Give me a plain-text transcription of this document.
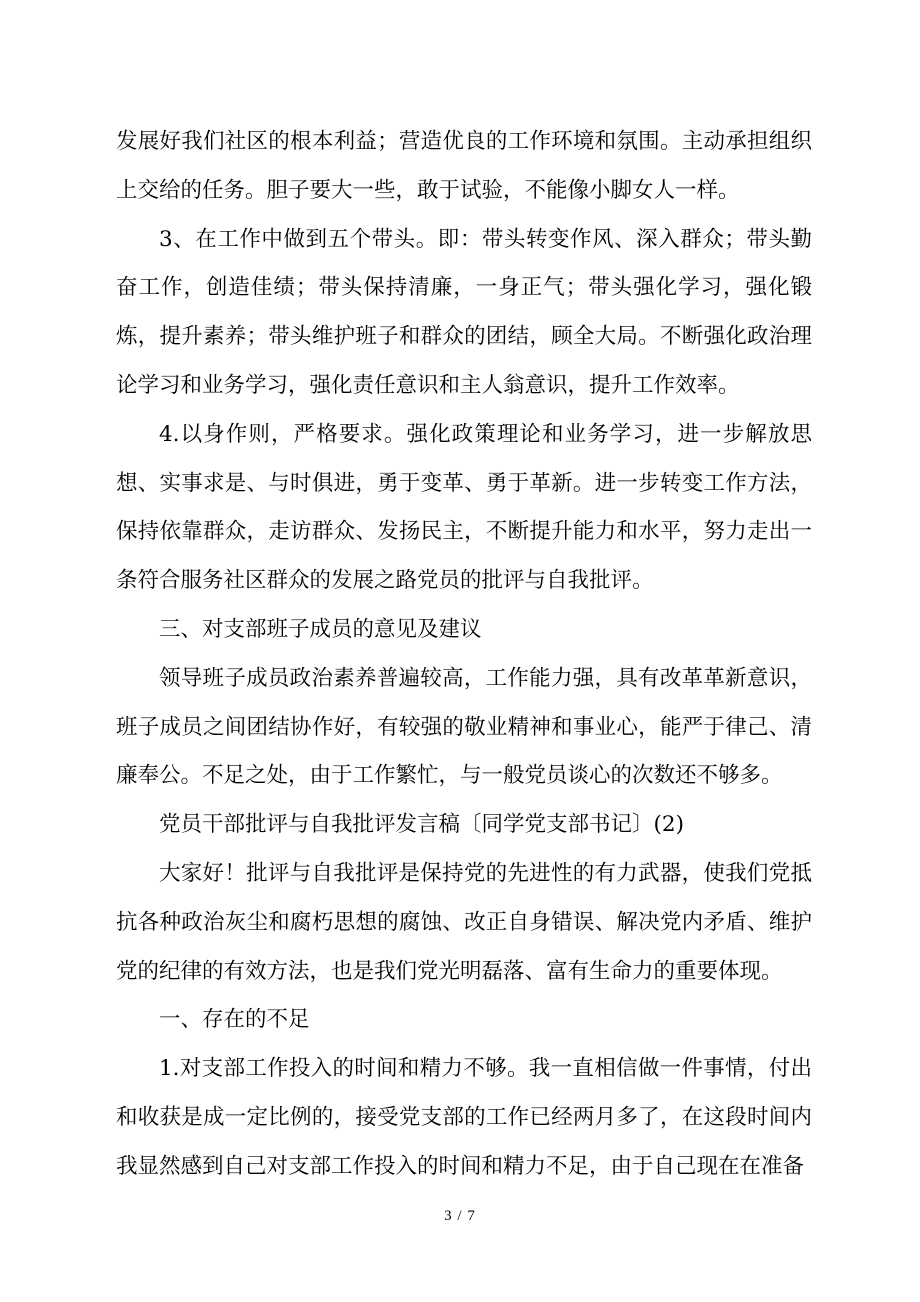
发展好我们社区的根本利益；营造优良的工作环境和氛围。主动承担组织上交给的任务。胆子要大一些，敢于试验，不能像小脚女人一样。

3、在工作中做到五个带头。即：带头转变作风、深入群众；带头勤奋工作，创造佳绩；带头保持清廉，一身正气；带头强化学习，强化锻炼，提升素养；带头维护班子和群众的团结，顾全大局。不断强化政治理论学习和业务学习，强化责任意识和主人翁意识，提升工作效率。

4.以身作则，严格要求。强化政策理论和业务学习，进一步解放思想、实事求是、与时俱进，勇于变革、勇于革新。进一步转变工作方法，保持依靠群众，走访群众、发扬民主，不断提升能力和水平，努力走出一条符合服务社区群众的发展之路党员的批评与自我批评。

三、对支部班子成员的意见及建议

领导班子成员政治素养普遍较高，工作能力强，具有改革革新意识，班子成员之间团结协作好，有较强的敬业精神和事业心，能严于律己、清廉奉公。不足之处，由于工作繁忙，与一般党员谈心的次数还不够多。

党员干部批评与自我批评发言稿〔同学党支部书记〕(2)

大家好！批评与自我批评是保持党的先进性的有力武器，使我们党抵抗各种政治灰尘和腐朽思想的腐蚀、改正自身错误、解决党内矛盾、维护党的纪律的有效方法，也是我们党光明磊落、富有生命力的重要体现。

一、存在的不足

1.对支部工作投入的时间和精力不够。我一直相信做一件事情，付出和收获是成一定比例的，接受党支部的工作已经两月多了，在这段时间内我显然感到自己对支部工作投入的时间和精力不足，由于自己现在在准备

3 / 7
